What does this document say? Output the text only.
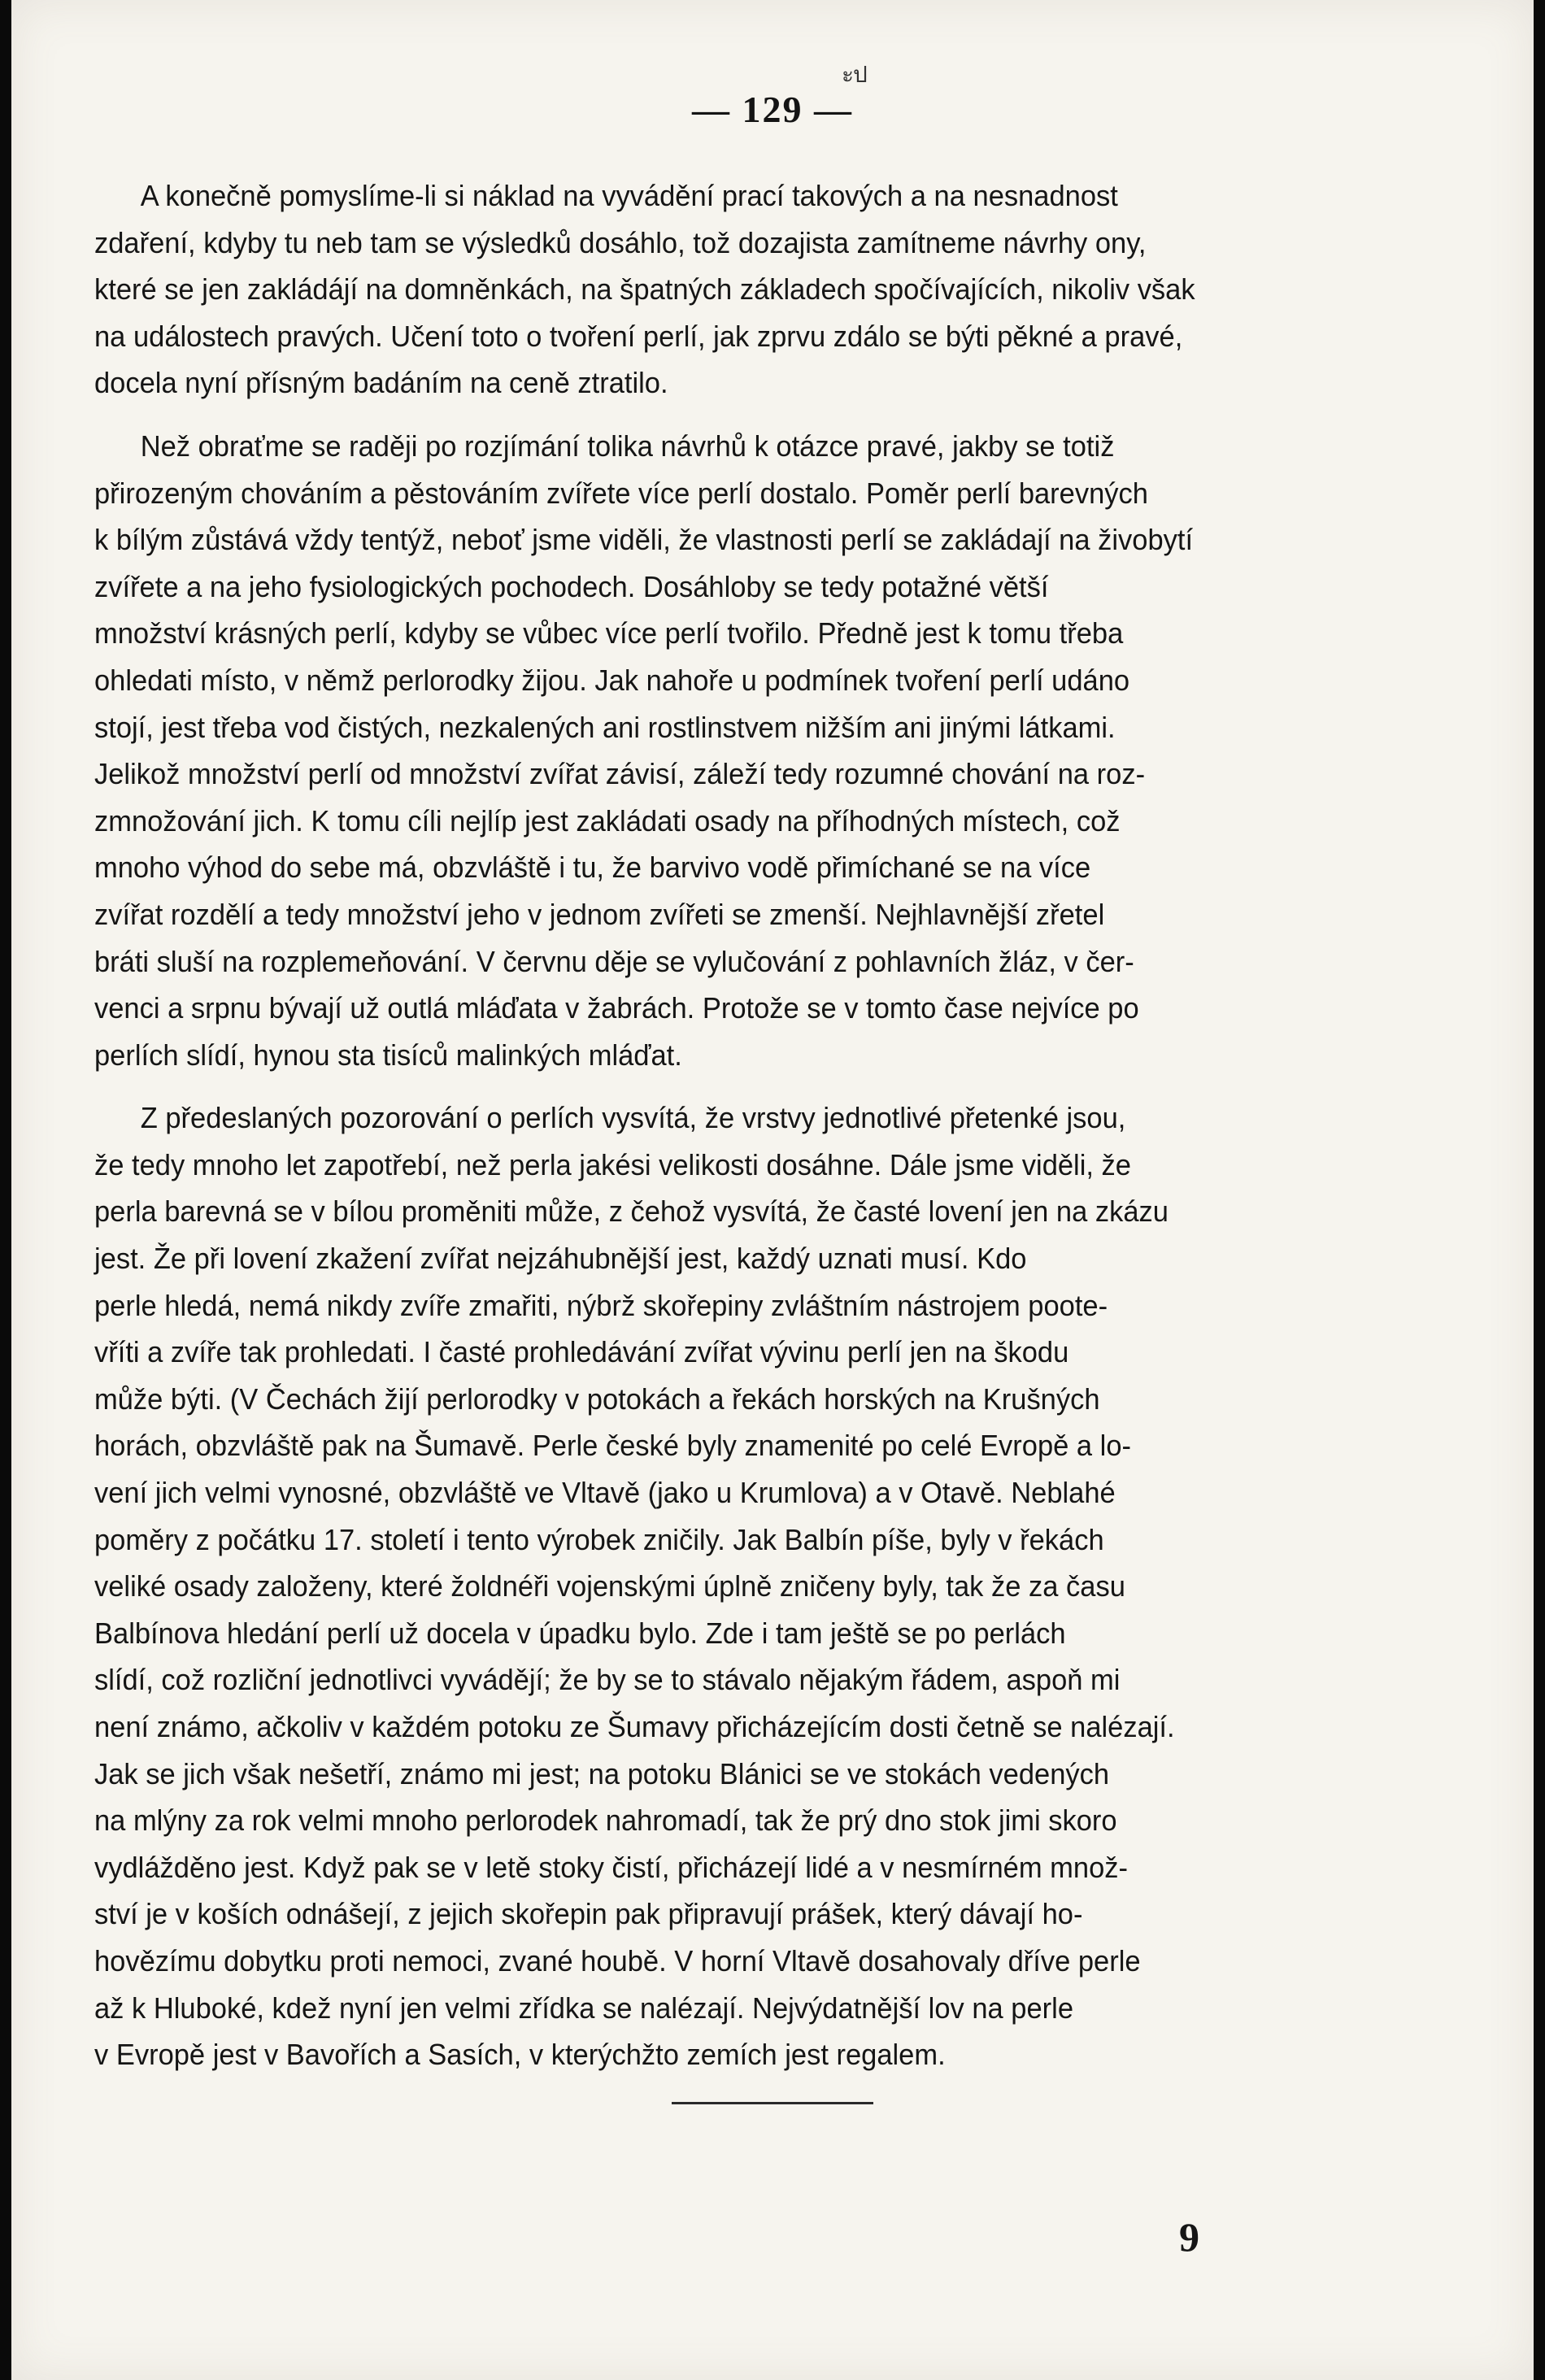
ะป
— 129 —
A konečně pomyslíme-li si náklad na vyvádění prací takových a na nesnadnost
zdaření, kdyby tu neb tam se výsledků dosáhlo, tož dozajista zamítneme návrhy ony,
které se jen zakládájí na domněnkách, na špatných základech spočívajících, nikoliv však
na událostech pravých. Učení toto o tvoření perlí, jak zprvu zdálo se býti pěkné a pravé,
docela nyní přísným badáním na ceně ztratilo.
Než obraťme se raději po rozjímání tolika návrhů k otázce pravé, jakby se totiž
přirozeným chováním a pěstováním zvířete více perlí dostalo. Poměr perlí barevných
k bílým zůstává vždy tentýž, neboť jsme viděli, že vlastnosti perlí se zakládají na živobytí
zvířete a na jeho fysiologických pochodech. Dosáhloby se tedy potažné větší
množství krásných perlí, kdyby se vůbec více perlí tvořilo. Předně jest k tomu třeba
ohledati místo, v němž perlorodky žijou. Jak nahoře u podmínek tvoření perlí udáno
stojí, jest třeba vod čistých, nezkalených ani rostlinstvem nižším ani jinými látkami.
Jelikož množství perlí od množství zvířat závisí, záleží tedy rozumné chování na roz-
zmnožování jich. K tomu cíli nejlíp jest zakládati osady na příhodných místech, což
mnoho výhod do sebe má, obzvláště i tu, že barvivo vodě přimíchané se na více
zvířat rozdělí a tedy množství jeho v jednom zvířeti se zmenší. Nejhlavnější zřetel
bráti sluší na rozplemeňování. V červnu děje se vylučování z pohlavních žláz, v čer-
venci a srpnu bývají už outlá mláďata v žabrách. Protože se v tomto čase nejvíce po
perlích slídí, hynou sta tisíců malinkých mláďat.
Z předeslaných pozorování o perlích vysvítá, že vrstvy jednotlivé přetenké jsou,
že tedy mnoho let zapotřebí, než perla jakési velikosti dosáhne. Dále jsme viděli, že
perla barevná se v bílou proměniti může, z čehož vysvítá, že časté lovení jen na zkázu
jest. Že při lovení zkažení zvířat nejzáhubnější jest, každý uznati musí. Kdo
perle hledá, nemá nikdy zvíře zmařiti, nýbrž skořepiny zvláštním nástrojem poote-
vříti a zvíře tak prohledati. I časté prohledávání zvířat vývinu perlí jen na škodu
může býti. (V Čechách žijí perlorodky v potokách a řekách horských na Krušných
horách, obzvláště pak na Šumavě. Perle české byly znamenité po celé Evropě a lo-
vení jich velmi vynosné, obzvláště ve Vltavě (jako u Krumlova) a v Otavě. Neblahé
poměry z počátku 17. století i tento výrobek zničily. Jak Balbín píše, byly v řekách
veliké osady založeny, které žoldnéři vojenskými úplně zničeny byly, tak že za času
Balbínova hledání perlí už docela v úpadku bylo. Zde i tam ještě se po perlách
slídí, což rozliční jednotlivci vyvádějí; že by se to stávalo nějakým řádem, aspoň mi
není známo, ačkoliv v každém potoku ze Šumavy přicházejícím dosti četně se nalézají.
Jak se jich však nešetří, známo mi jest; na potoku Blánici se ve stokách vedených
na mlýny za rok velmi mnoho perlorodek nahromadí, tak že prý dno stok jimi skoro
vydlážděno jest. Když pak se v letě stoky čistí, přicházejí lidé a v nesmírném množ-
ství je v koších odnášejí, z jejich skořepin pak připravují prášek, který dávají ho-
hovězímu dobytku proti nemoci, zvané houbě. V horní Vltavě dosahovaly dříve perle
až k Hluboké, kdež nyní jen velmi zřídka se nalézají. Nejvýdatnější lov na perle
v Evropě jest v Bavořích a Sasích, v kterýchžto zemích jest regalem.
9
